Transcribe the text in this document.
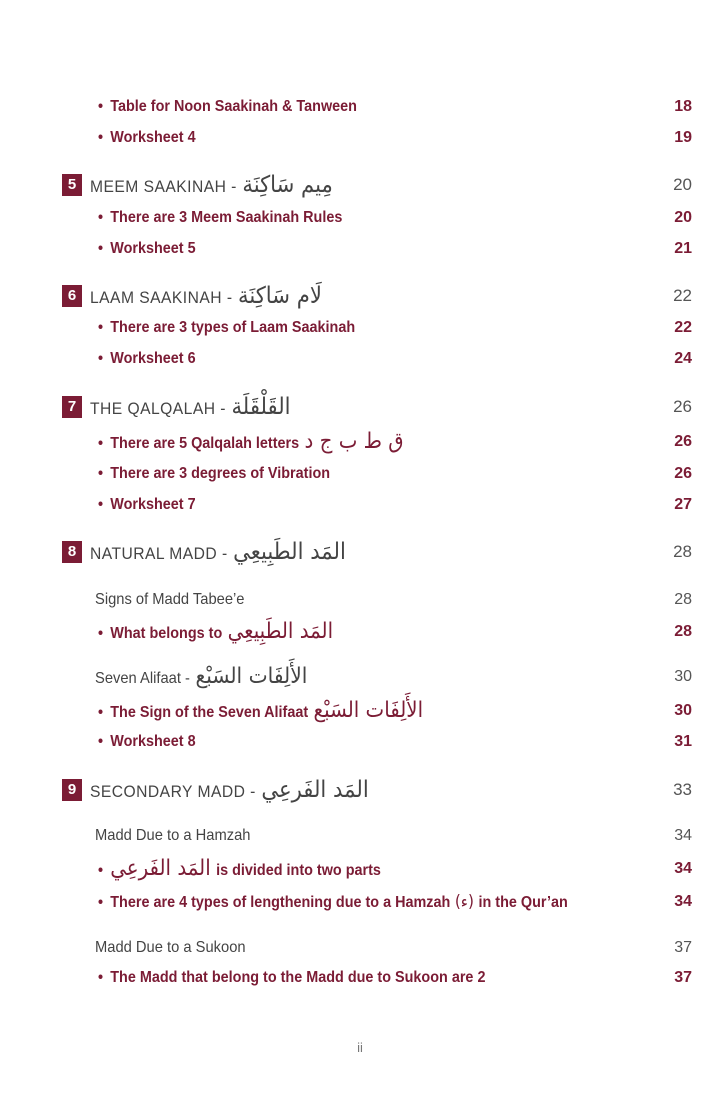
• Table for Noon Saakinah & Tanween	18
• Worksheet 4	19
5 MEEM SAAKINAH - مِيم سَاكِنَة	20
• There are 3 Meem Saakinah Rules	20
• Worksheet 5	21
6 LAAM SAAKINAH - لَام سَاكِنَة	22
• There are 3 types of Laam Saakinah	22
• Worksheet 6	24
7 THE QALQALAH - القَلْقَلَة	26
• There are 5 Qalqalah letters ق ط ب ج د	26
• There are 3 degrees of Vibration	26
• Worksheet 7	27
8 NATURAL MADD - المَد الطَبِيعِي	28
Signs of Madd Tabee’e	28
• What belongs to المَد الطَبِيعِي	28
Seven Alifaat - الأَلِفَات السَبْع	30
• The Sign of the Seven Alifaat الأَلِفَات السَبْع	30
• Worksheet 8	31
9 SECONDARY MADD - المَد الفَرعِي	33
Madd Due to a Hamzah	34
• المَد الفَرعِي is divided into two parts	34
• There are 4 types of lengthening due to a Hamzah (ء) in the Qur’an	34
Madd Due to a Sukoon	37
• The Madd that belong to the Madd due to Sukoon are 2	37
ii
